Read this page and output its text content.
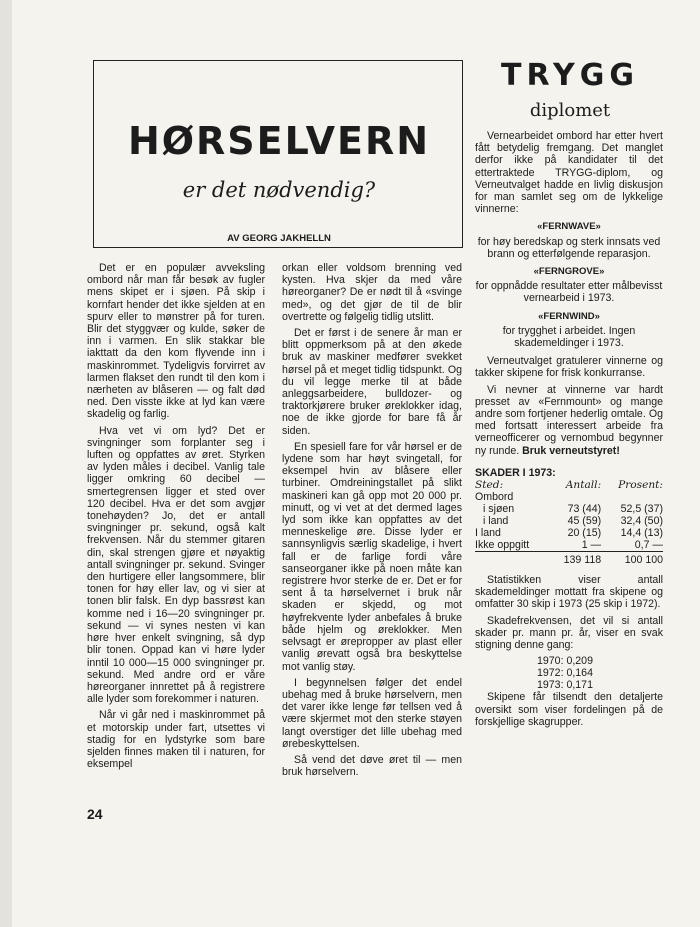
HØRSELVERN
er det nødvendig?
AV GEORG JAKHELLN

Det er en populær avveksling ombord når man får besøk av fugler mens skipet er i sjøen. På skip i kornfart hender det ikke sjelden at en spurv eller to mønstrer på for turen. Blir det styggvær og kulde, søker de inn i varmen. En slik stakkar ble iakttatt da den kom flyvende inn i maskinrommet. Tydeligvis forvirret av larmen flakset den rundt til den kom i nærheten av blåseren — og falt død ned. Den visste ikke at lyd kan være skadelig og farlig.

Hva vet vi om lyd? Det er svingninger som forplanter seg i luften og oppfattes av øret. Styrken av lyden måles i decibel. Vanlig tale ligger omkring 60 decibel — smertegrensen ligger et sted over 120 decibel. Hva er det som avgjør tonehøyden? Jo, det er antall svingninger pr. sekund, også kalt frekvensen. Når du stemmer gitaren din, skal strengen gjøre et nøyaktig antall svingninger pr. sekund. Svinger den hurtigere eller langsommere, blir tonen for høy eller lav, og vi sier at tonen blir falsk. En dyp bassrøst kan komme ned i 16—20 svingninger pr. sekund — vi synes nesten vi kan høre hver enkelt svingning, så dyp blir tonen. Oppad kan vi høre lyder inntil 10 000—15 000 svingninger pr. sekund. Med andre ord er våre høreorganer innrettet på å registrere alle lyder som forekommer i naturen.

Når vi går ned i maskinrommet på et motorskip under fart, utsettes vi stadig for en lydstyrke som bare sjelden finnes maken til i naturen, for eksempel

orkan eller voldsom brenning ved kysten. Hva skjer da med våre høreorganer? De er nødt til å «svinge med», og det gjør de til de blir overtrette og følgelig tidlig utslitt.

Det er først i de senere år man er blitt oppmerksom på at den økede bruk av maskiner medfører svekket hørsel på et meget tidlig tidspunkt. Og du vil legge merke til at både anleggsarbeidere, bulldozer- og traktorkjørere bruker øreklokker idag, noe de ikke gjorde for bare få år siden.

En spesiell fare for vår hørsel er de lydene som har høyt svingetall, for eksempel hvin av blåsere eller turbiner. Omdreiningstallet på slikt maskineri kan gå opp mot 20 000 pr. minutt, og vi vet at det dermed lages lyd som ikke kan oppfattes av det menneskelige øre. Disse lyder er sannsynligvis særlig skadelige, i hvert fall er de farlige fordi våre sanseorganer ikke på noen måte kan registrere hvor sterke de er. Det er for sent å ta hørselvernet i bruk når skaden er skjedd, og mot høyfrekvente lyder anbefales å bruke både hjelm og øreklokker. Men selvsagt er ørepropper av plast eller vanlig ørevatt også bra beskyttelse mot vanlig støy.

I begynnelsen følger det endel ubehag med å bruke hørselvern, men det varer ikke lenge før tellsen ved å være skjermet mot den sterke støyen langt overstiger det lille ubehag med ørebeskyttelsen.

Så vend det døve øret til — men bruk hørselvern.

TRYGG
diplomet

Vernearbeidet ombord har etter hvert fått betydelig fremgang. Det manglet derfor ikke på kandidater til det ettertraktede TRYGG-diplom, og Verneutvalget hadde en livlig diskusjon for man samlet seg om de lykkelige vinnerne:

«FERNWAVE»

for høy beredskap og sterk innsats ved brann og etterfølgende reparasjon.

«FERNGROVE»

for oppnådde resultater etter målbevisst vernearbeid i 1973.

«FERNWIND»

for trygghet i arbeidet. Ingen skademeldinger i 1973.

Verneutvalget gratulerer vinnerne og takker skipene for frisk konkurranse.

Vi nevner at vinnerne var hardt presset av «Fernmount» og mange andre som fortjener hederlig omtale. Og med fortsatt interessert arbeide fra verneofficerer og vernombud begynner ny runde. Bruk verneutstyret!

SKADER I 1973:
Sted:	Antall:	Prosent:
Ombord		
i sjøen	73 (44)	52,5 (37)
i land	45 (59)	32,4 (50)
I land	20 (15)	14,4 (13)
Ikke oppgitt	1 —	0,7 —
	139 118	100 100

Statistikken viser antall skademeldinger mottatt fra skipene og omfatter 30 skip i 1973 (25 skip i 1972).

Skadefrekvensen, det vil si antall skader pr. mann pr. år, viser en svak stigning denne gang:

1970: 0,209
1972: 0,164
1973: 0,171

Skipene får tilsendt den detaljerte oversikt som viser fordelingen på de forskjellige skagrupper.

24
